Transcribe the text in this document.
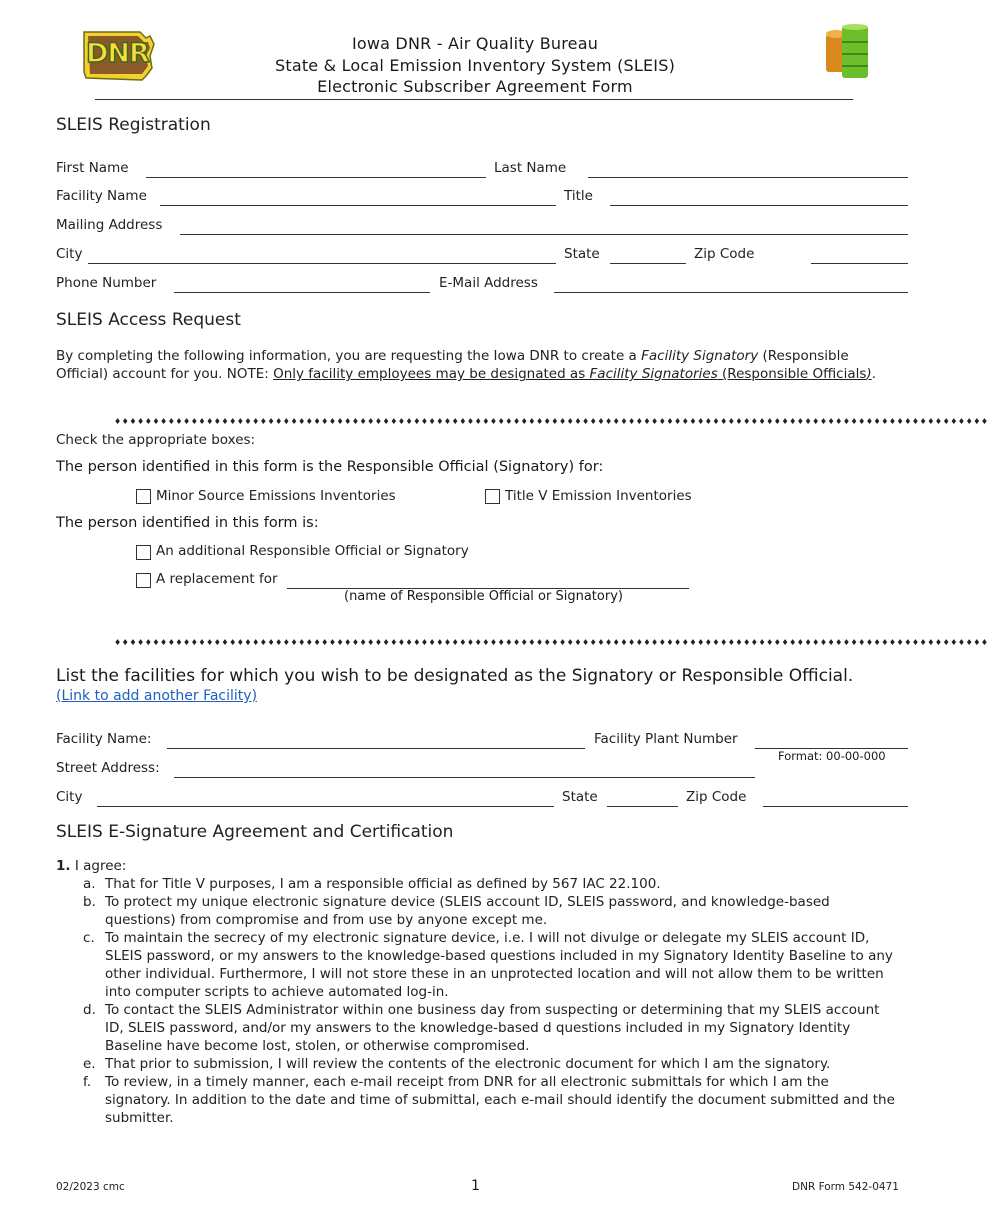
DNR	Iowa DNR - Air Quality Bureau
State & Local Emission Inventory System (SLEIS)
Electronic Subscriber Agreement Form
SLEIS Registration
First Name	Last Name
Facility Name	Title
Mailing Address
City	State	Zip Code
Phone Number	E-Mail Address
SLEIS Access Request
By completing the following information, you are requesting the Iowa DNR to create a Facility Signatory (Responsible Official) account for you. NOTE: Only facility employees may be designated as Facility Signatories (Responsible Officials).
♦♦♦♦♦♦♦♦♦♦♦♦♦♦♦♦♦♦♦♦♦♦♦♦♦♦♦♦♦♦♦♦♦♦♦♦♦♦♦♦♦♦♦♦♦♦♦♦♦♦♦♦♦♦♦♦♦♦♦♦♦♦♦♦♦♦♦♦♦♦♦♦♦♦♦♦♦♦♦♦♦♦♦♦♦♦♦♦♦♦♦♦♦♦♦♦♦♦♦♦♦♦♦♦♦♦♦♦♦♦♦♦♦♦
Check the appropriate boxes:
The person identified in this form is the Responsible Official (Signatory) for:
Minor Source Emissions Inventories	Title V Emission Inventories
The person identified in this form is:
An additional Responsible Official or Signatory
A replacement for
(name of Responsible Official or Signatory)
♦♦♦♦♦♦♦♦♦♦♦♦♦♦♦♦♦♦♦♦♦♦♦♦♦♦♦♦♦♦♦♦♦♦♦♦♦♦♦♦♦♦♦♦♦♦♦♦♦♦♦♦♦♦♦♦♦♦♦♦♦♦♦♦♦♦♦♦♦♦♦♦♦♦♦♦♦♦♦♦♦♦♦♦♦♦♦♦♦♦♦♦♦♦♦♦♦♦♦♦♦♦♦♦♦♦♦♦♦♦♦♦♦♦
List the facilities for which you wish to be designated as the Signatory or Responsible Official.
(Link to add another Facility)
Facility Name:	Facility Plant Number
Format: 00-00-000
Street Address:
City	State	Zip Code
SLEIS E-Signature Agreement and Certification
1. I agree:
a. That for Title V purposes, I am a responsible official as defined by 567 IAC 22.100.
b. To protect my unique electronic signature device (SLEIS account ID, SLEIS password, and knowledge-based questions) from compromise and from use by anyone except me.
c. To maintain the secrecy of my electronic signature device, i.e. I will not divulge or delegate my SLEIS account ID, SLEIS password, or my answers to the knowledge-based questions included in my Signatory Identity Baseline to any other individual. Furthermore, I will not store these in an unprotected location and will not allow them to be written into computer scripts to achieve automated log-in.
d. To contact the SLEIS Administrator within one business day from suspecting or determining that my SLEIS account ID, SLEIS password, and/or my answers to the knowledge-based d questions included in my Signatory Identity Baseline have become lost, stolen, or otherwise compromised.
e. That prior to submission, I will review the contents of the electronic document for which I am the signatory.
f. To review, in a timely manner, each e-mail receipt from DNR for all electronic submittals for which I am the signatory. In addition to the date and time of submittal, each e-mail should identify the document submitted and the submitter.
02/2023 cmc	1	DNR Form 542-0471
